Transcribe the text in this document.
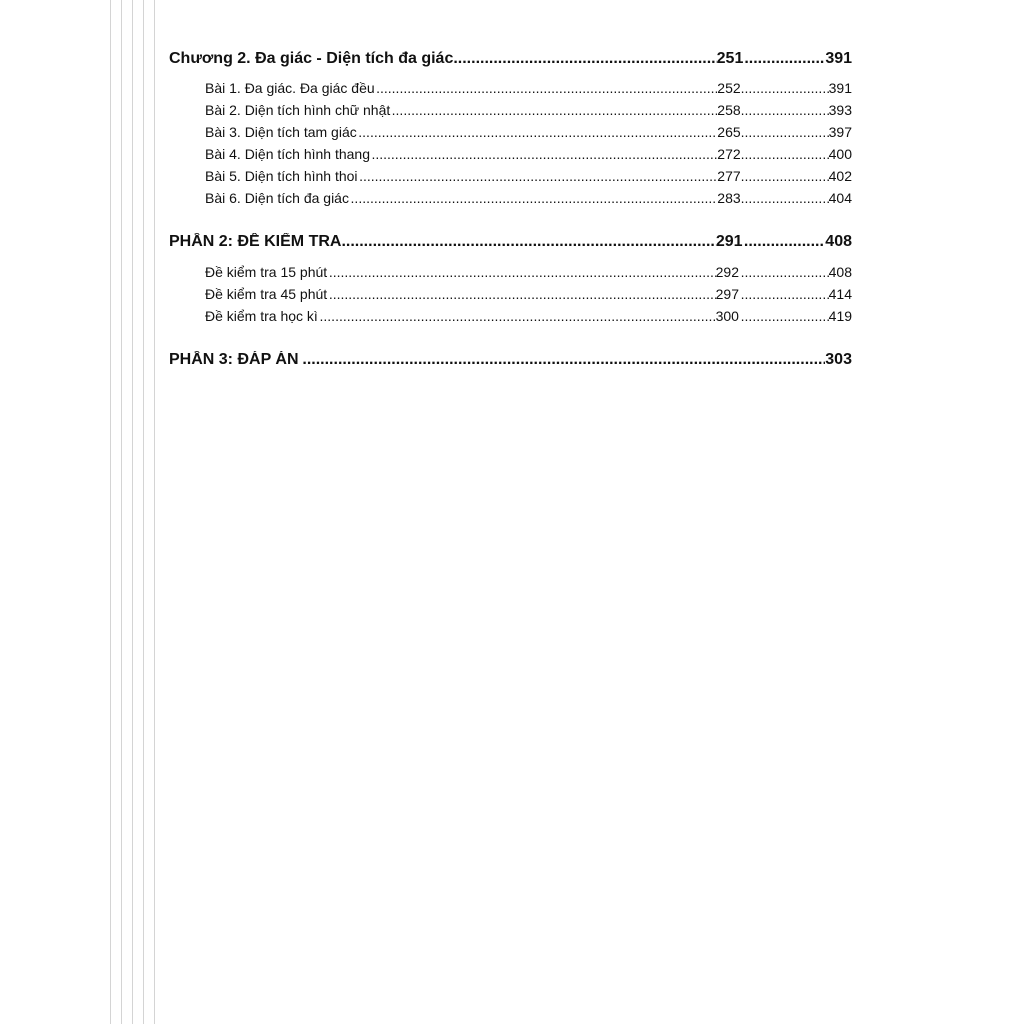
Chương 2. Đa giác - Diện tích đa giác .....	251 .....	391
Bài 1. Đa giác. Đa giác đều .....	252 .....	391
Bài 2. Diện tích hình chữ nhật .....	258 .....	393
Bài 3. Diện tích tam giác .....	265 .....	397
Bài 4. Diện tích hình thang .....	272 .....	400
Bài 5. Diện tích hình thoi .....	277 .....	402
Bài 6. Diện tích đa giác .....	283 .....	404
PHẦN 2: ĐỀ KIỂM TRA .....	291 .....	408
Đề kiểm tra 15 phút .....	292 .....	408
Đề kiểm tra 45 phút .....	297 .....	414
Đề kiểm tra học kì .....	300 .....	419
PHẦN 3: ĐÁP ÁN .....	303
